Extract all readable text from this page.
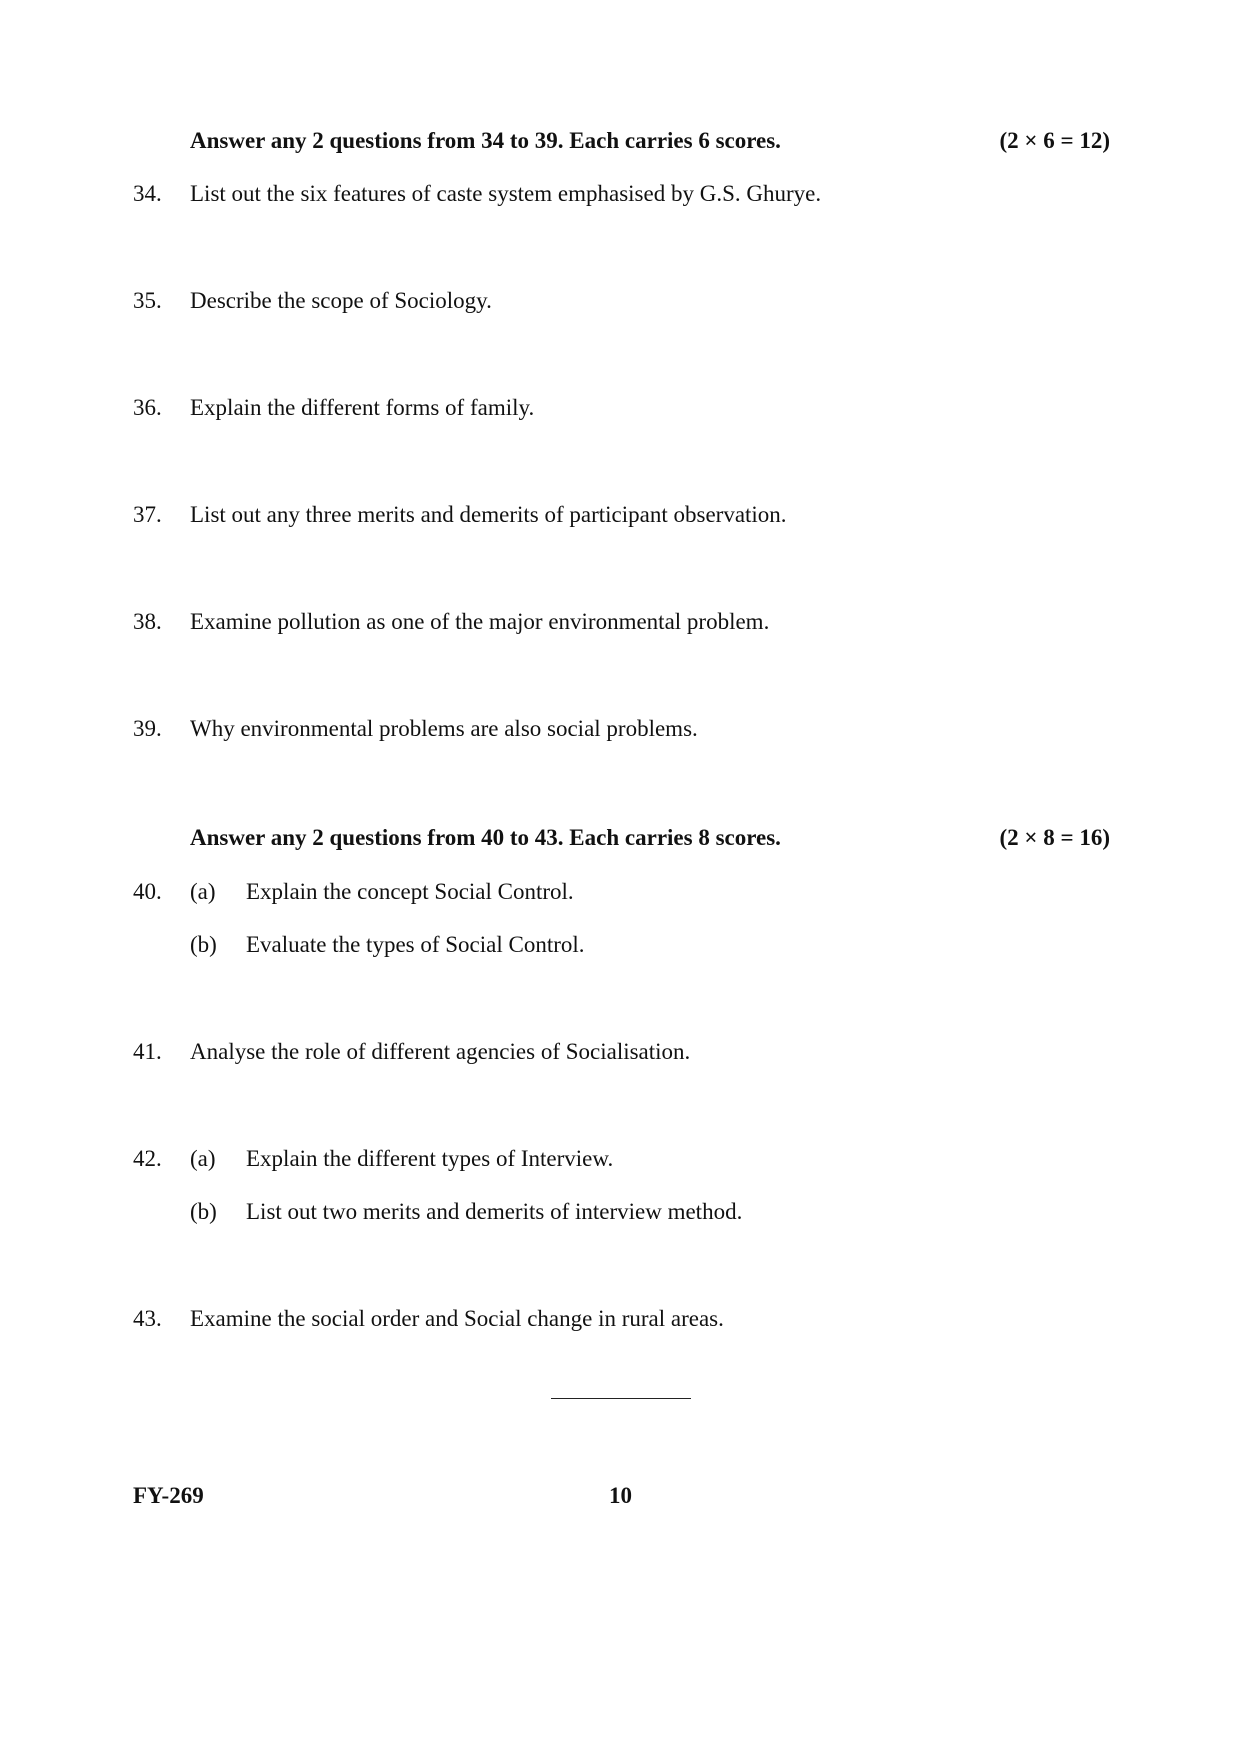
Answer any 2 questions from 34 to 39. Each carries 6 scores.	(2 × 6 = 12)
34. List out the six features of caste system emphasised by G.S. Ghurye.
35. Describe the scope of Sociology.
36. Explain the different forms of family.
37. List out any three merits and demerits of participant observation.
38. Examine pollution as one of the major environmental problem.
39. Why environmental problems are also social problems.
Answer any 2 questions from 40 to 43. Each carries 8 scores.	(2 × 8 = 16)
40. (a) Explain the concept Social Control.
(b) Evaluate the types of Social Control.
41. Analyse the role of different agencies of Socialisation.
42. (a) Explain the different types of Interview.
(b) List out two merits and demerits of interview method.
43. Examine the social order and Social change in rural areas.
FY-269	10
